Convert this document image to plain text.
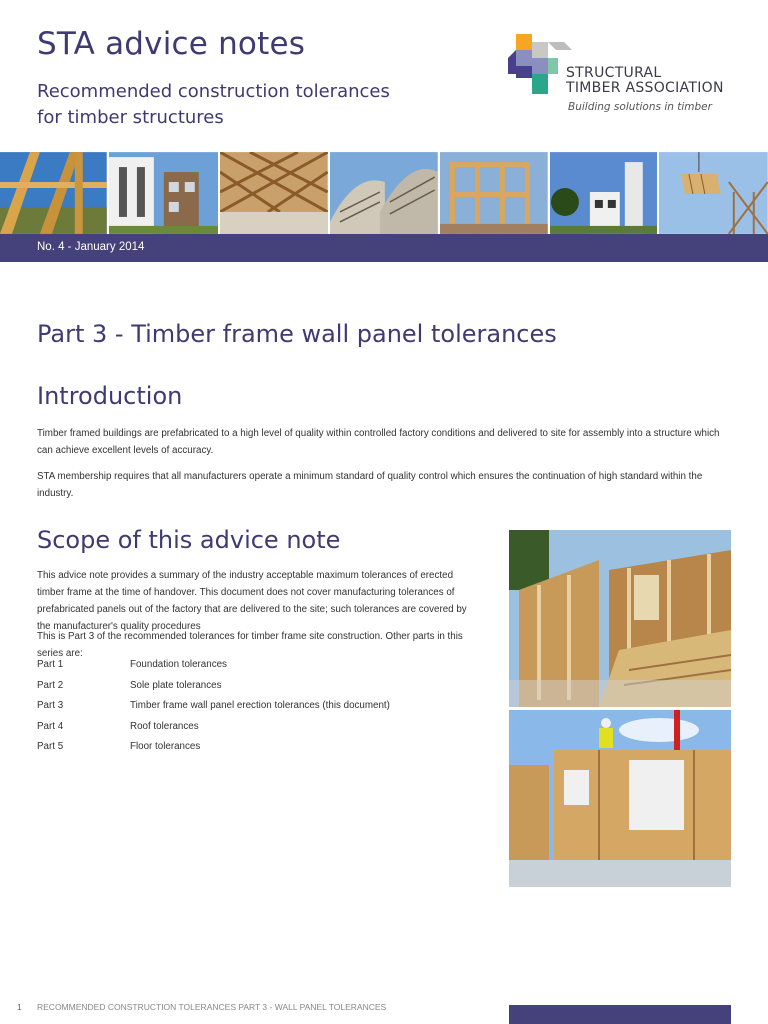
STA advice notes
Recommended construction tolerances
for timber structures
STRUCTURAL
TIMBER ASSOCIATION
Building solutions in timber
No. 4 - January 2014
Part 3 - Timber frame wall panel tolerances
Introduction

Timber framed buildings are prefabricated to a high level of quality within controlled factory conditions and delivered to site for assembly into a structure which can achieve excellent levels of accuracy.

STA membership requires that all manufacturers operate a minimum standard of quality control which ensures the continuation of high standard within the industry.

Scope of this advice note

This advice note provides a summary of the industry acceptable maximum tolerances of erected timber frame at the time of handover. This document does not cover manufacturing tolerances of prefabricated panels out of the factory that are delivered to the site; such tolerances are covered by the manufacturer's quality procedures

This is Part 3 of the recommended tolerances for timber frame site construction. Other parts in this series are:

Part 1	Foundation tolerances
Part 2	Sole plate tolerances
Part 3	Timber frame wall panel erection tolerances (this document)
Part 4	Roof tolerances
Part 5	Floor tolerances
1 RECOMMENDED CONSTRUCTION TOLERANCES PART 3 - WALL PANEL TOLERANCES
